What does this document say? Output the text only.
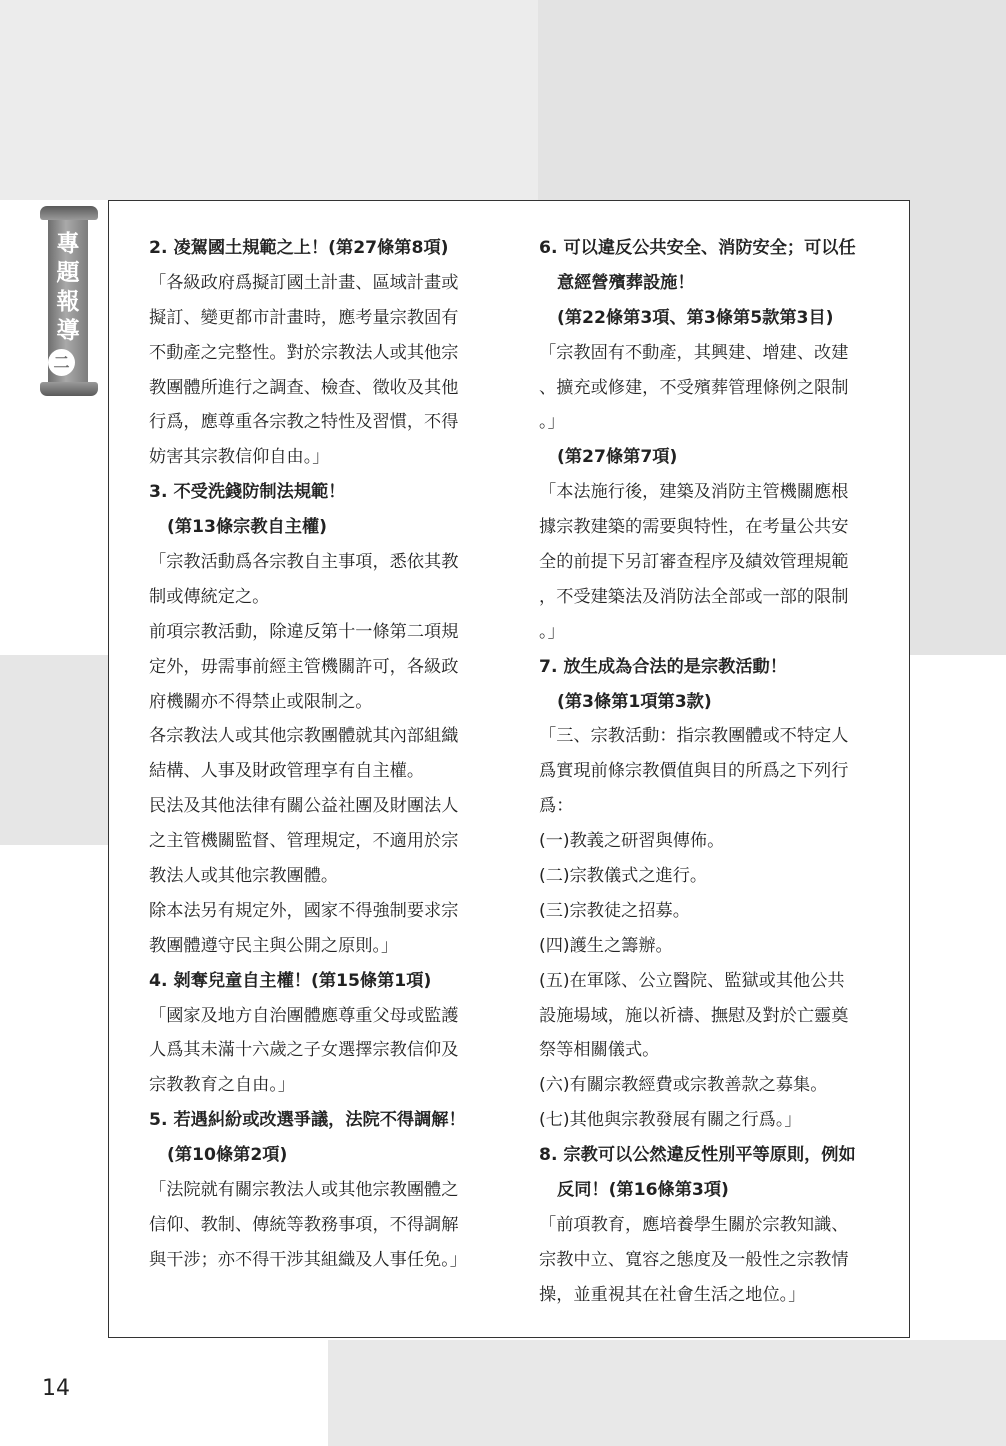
專
題
報
導
二
2. 凌駕國土規範之上！(第27條第8項)
「各級政府爲擬訂國土計畫、區域計畫或
擬訂、變更都市計畫時，應考量宗教固有
不動產之完整性。對於宗教法人或其他宗
教團體所進行之調查、檢查、徵收及其他
行爲，應尊重各宗教之特性及習慣，不得
妨害其宗教信仰自由。」
3. 不受洗錢防制法規範！
(第13條宗教自主權)
「宗教活動爲各宗教自主事項，悉依其教
制或傳統定之。
前項宗教活動，除違反第十一條第二項規
定外，毋需事前經主管機關許可，各級政
府機關亦不得禁止或限制之。
各宗教法人或其他宗教團體就其內部組織
結構、人事及財政管理享有自主權。
民法及其他法律有關公益社團及財團法人
之主管機關監督、管理規定，不適用於宗
教法人或其他宗教團體。
除本法另有規定外，國家不得強制要求宗
教團體遵守民主與公開之原則。」
4. 剝奪兒童自主權！(第15條第1項)
「國家及地方自治團體應尊重父母或監護
人爲其未滿十六歲之子女選擇宗教信仰及
宗教教育之自由。」
5. 若遇糾紛或改選爭議，法院不得調解！
(第10條第2項)
「法院就有關宗教法人或其他宗教團體之
信仰、教制、傳統等教務事項，不得調解
與干涉；亦不得干涉其組織及人事任免。」
6. 可以違反公共安全、消防安全；可以任
意經營殯葬設施！
(第22條第3項、第3條第5款第3目)
「宗教固有不動產，其興建、增建、改建
、擴充或修建，不受殯葬管理條例之限制
。」
(第27條第7項)
「本法施行後，建築及消防主管機關應根
據宗教建築的需要與特性，在考量公共安
全的前提下另訂審查程序及績效管理規範
，不受建築法及消防法全部或一部的限制
。」
7. 放生成為合法的是宗教活動！
(第3條第1項第3款)
「三、宗教活動：指宗教團體或不特定人
爲實現前條宗教價值與目的所爲之下列行
爲：
(一)教義之研習與傳佈。
(二)宗教儀式之進行。
(三)宗教徒之招募。
(四)護生之籌辦。
(五)在軍隊、公立醫院、監獄或其他公共
設施場域，施以祈禱、撫慰及對於亡靈奠
祭等相關儀式。
(六)有關宗教經費或宗教善款之募集。
(七)其他與宗教發展有關之行爲。」
8. 宗教可以公然違反性別平等原則，例如
反同！(第16條第3項)
「前項教育，應培養學生關於宗教知識、
宗教中立、寬容之態度及一般性之宗教情
操，並重視其在社會生活之地位。」
14
